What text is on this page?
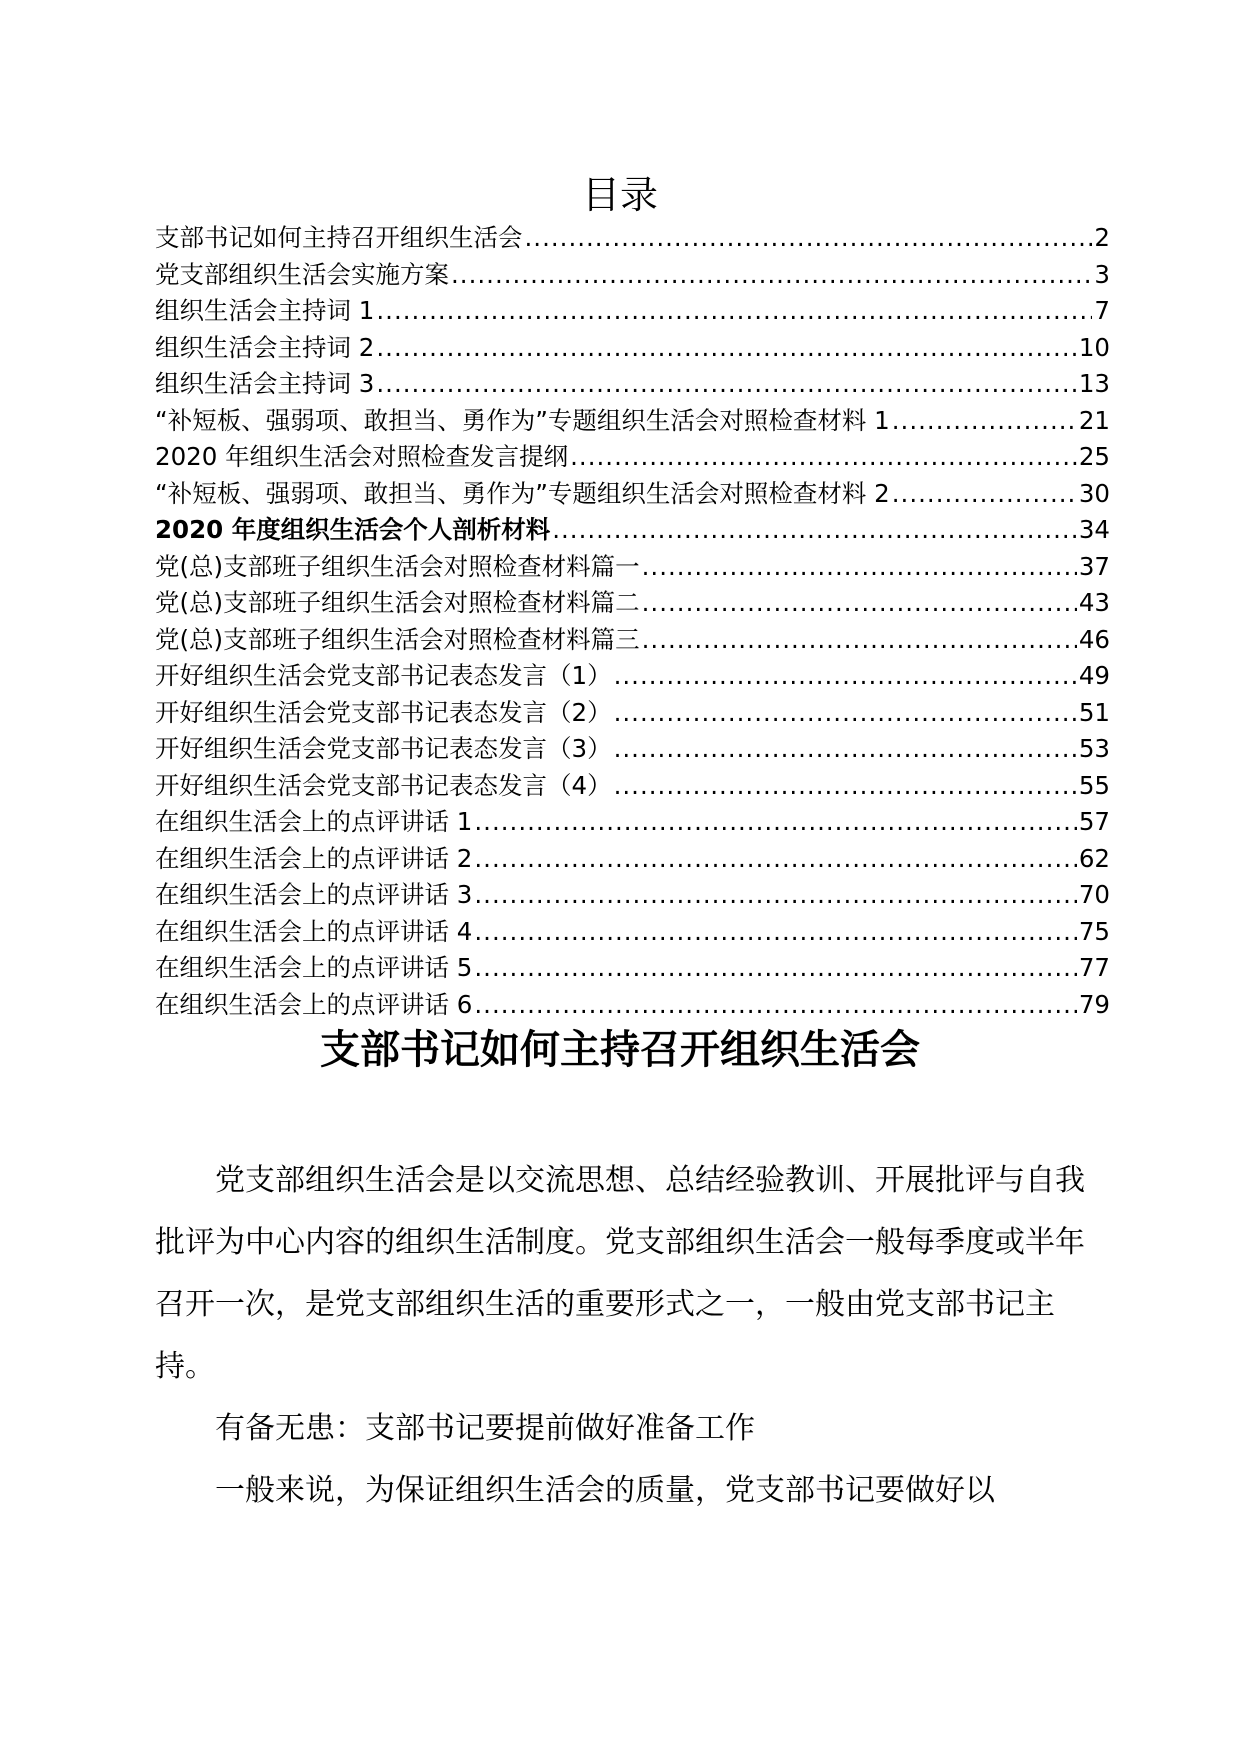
目录
支部书记如何主持召开组织生活会 .....	2
党支部组织生活会实施方案 .....	3
组织生活会主持词 1 .....	7
组织生活会主持词 2 .....	10
组织生活会主持词 3 .....	13
“补短板、强弱项、敢担当、勇作为”专题组织生活会对照检查材料 1 .....	21
2020 年组织生活会对照检查发言提纲 .....	25
“补短板、强弱项、敢担当、勇作为”专题组织生活会对照检查材料 2 .....	30
2020 年度组织生活会个人剖析材料 .....	34
党(总)支部班子组织生活会对照检查材料篇一 .....	37
党(总)支部班子组织生活会对照检查材料篇二 .....	43
党(总)支部班子组织生活会对照检查材料篇三 .....	46
开好组织生活会党支部书记表态发言（1） .....	49
开好组织生活会党支部书记表态发言（2） .....	51
开好组织生活会党支部书记表态发言（3） .....	53
开好组织生活会党支部书记表态发言（4） .....	55
在组织生活会上的点评讲话 1 .....	57
在组织生活会上的点评讲话 2 .....	62
在组织生活会上的点评讲话 3 .....	70
在组织生活会上的点评讲话 4 .....	75
在组织生活会上的点评讲话 5 .....	77
在组织生活会上的点评讲话 6 .....	79
支部书记如何主持召开组织生活会

党支部组织生活会是以交流思想、总结经验教训、开展批评与自我批评为中心内容的组织生活制度。党支部组织生活会一般每季度或半年召开一次，是党支部组织生活的重要形式之一，一般由党支部书记主持。

有备无患：支部书记要提前做好准备工作

一般来说，为保证组织生活会的质量，党支部书记要做好以
